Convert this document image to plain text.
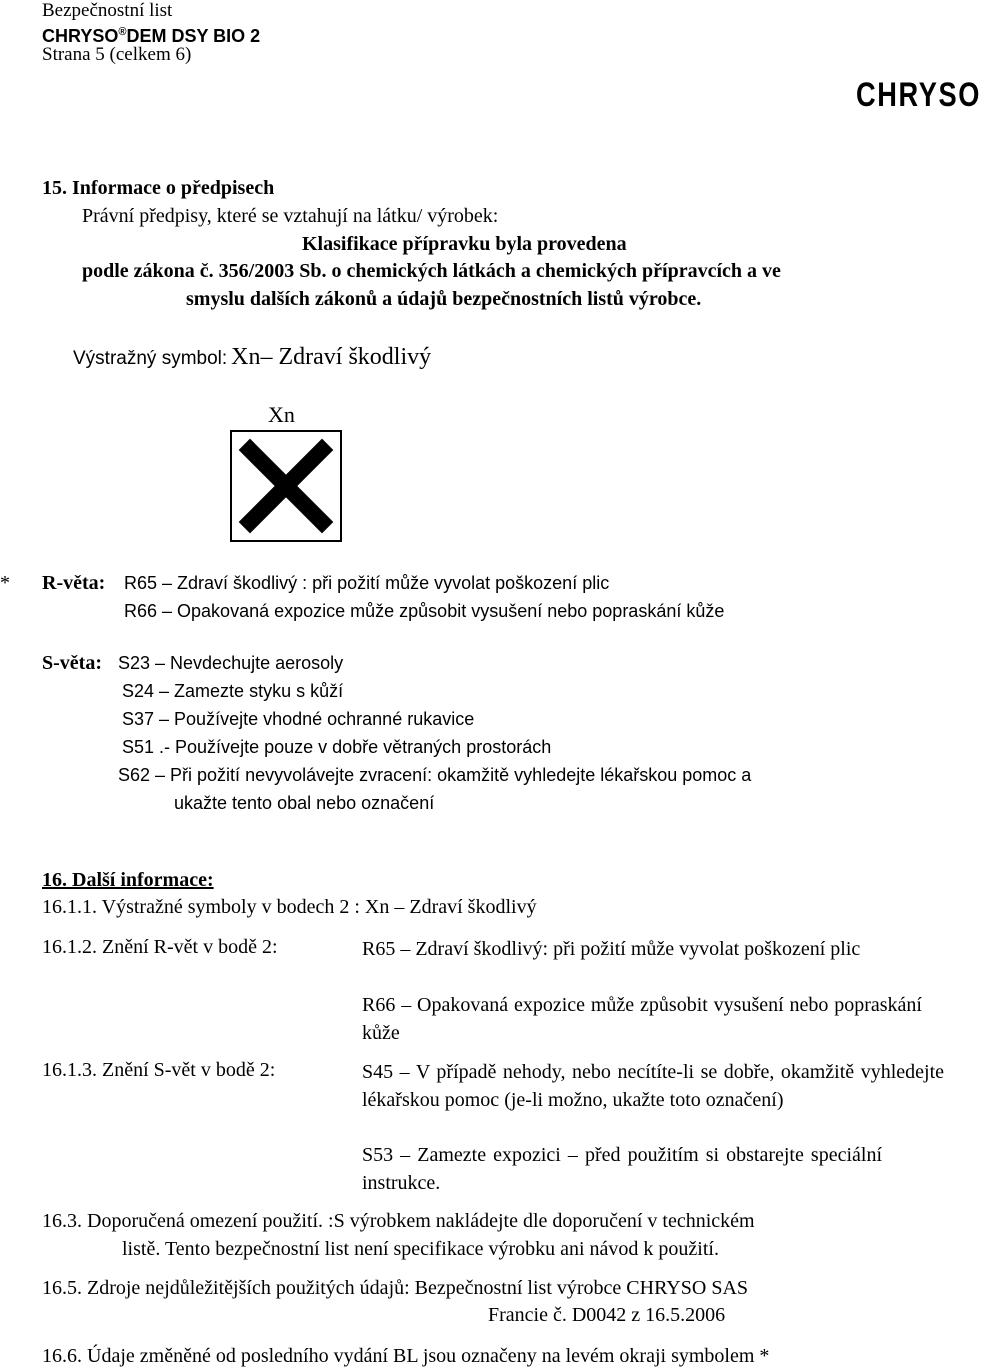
Bezpečnostní list
CHRYSO®DEM DSY BIO 2
Strana 5 (celkem 6)
CHRYSO
15. Informace o předpisech
Právní předpisy, které se vztahují na látku/ výrobek:
Klasifikace přípravku byla provedena
podle zákona č. 356/2003 Sb. o chemických látkách a chemických přípravcích a ve
smyslu dalších zákonů a údajů bezpečnostních listů výrobce.
Výstražný symbol: Xn– Zdraví škodlivý
Xn
* R-věta: R65 – Zdraví škodlivý : při požití může vyvolat poškození plic
R66 – Opakovaná expozice může způsobit vysušení nebo popraskání kůže
S-věta: S23 – Nevdechujte aerosoly
S24 – Zamezte styku s kůží
S37 – Používejte vhodné ochranné rukavice
S51 .- Používejte pouze v dobře větraných prostorách
S62 – Při požití nevyvolávejte zvracení: okamžitě vyhledejte lékařskou pomoc a
ukažte tento obal nebo označení
16. Další informace:
16.1.1. Výstražné symboly v bodech 2 : Xn – Zdraví škodlivý
16.1.2. Znění R-vět v bodě 2:	R65 – Zdraví škodlivý: při požití může vyvolat poškození plic
R66 – Opakovaná expozice může způsobit vysušení nebo popraskání kůže
16.1.3. Znění S-vět v bodě 2:	S45 – V případě nehody, nebo necítíte-li se dobře, okamžitě vyhledejte lékařskou pomoc (je-li možno, ukažte toto označení)
S53 – Zamezte expozici – před použitím si obstarejte speciální instrukce.
16.3. Doporučená omezení použití. :S výrobkem nakládejte dle doporučení v technickém
listě. Tento bezpečnostní list není specifikace výrobku ani návod k použití.
16.5. Zdroje nejdůležitějších použitých údajů: Bezpečnostní list výrobce CHRYSO SAS
Francie č. D0042 z 16.5.2006
16.6. Údaje změněné od posledního vydání BL jsou označeny na levém okraji symbolem *
